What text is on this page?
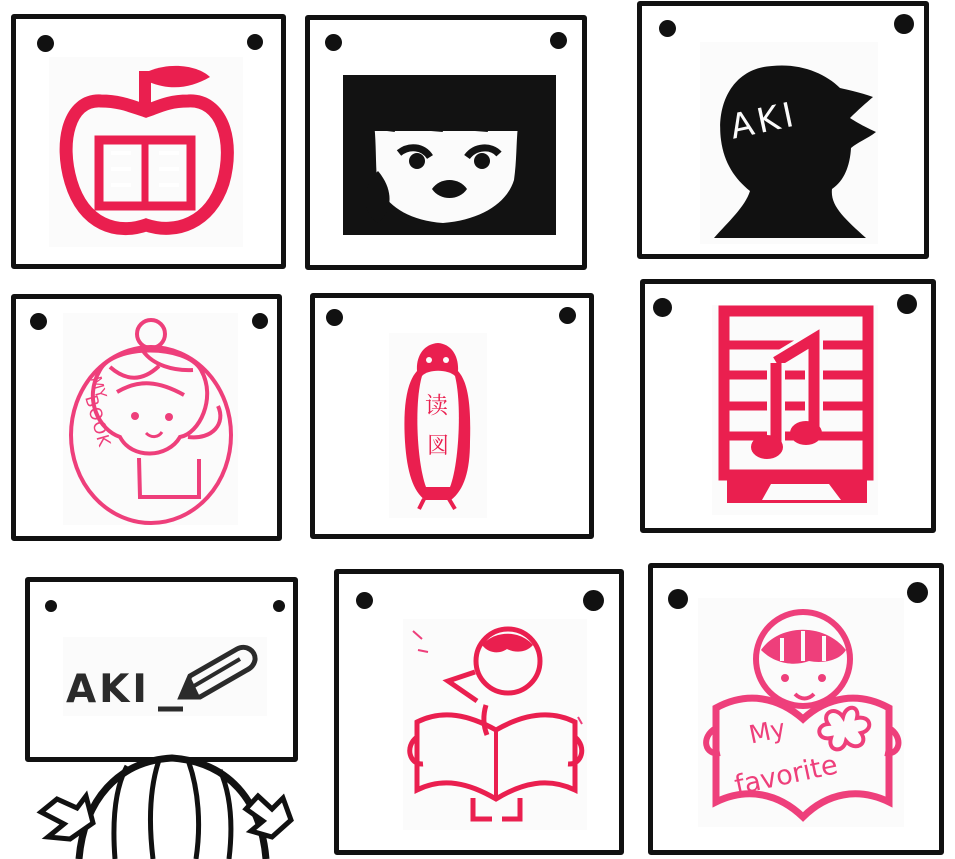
AKI
MY
BOOK	读
図
AKI
My
favorite
